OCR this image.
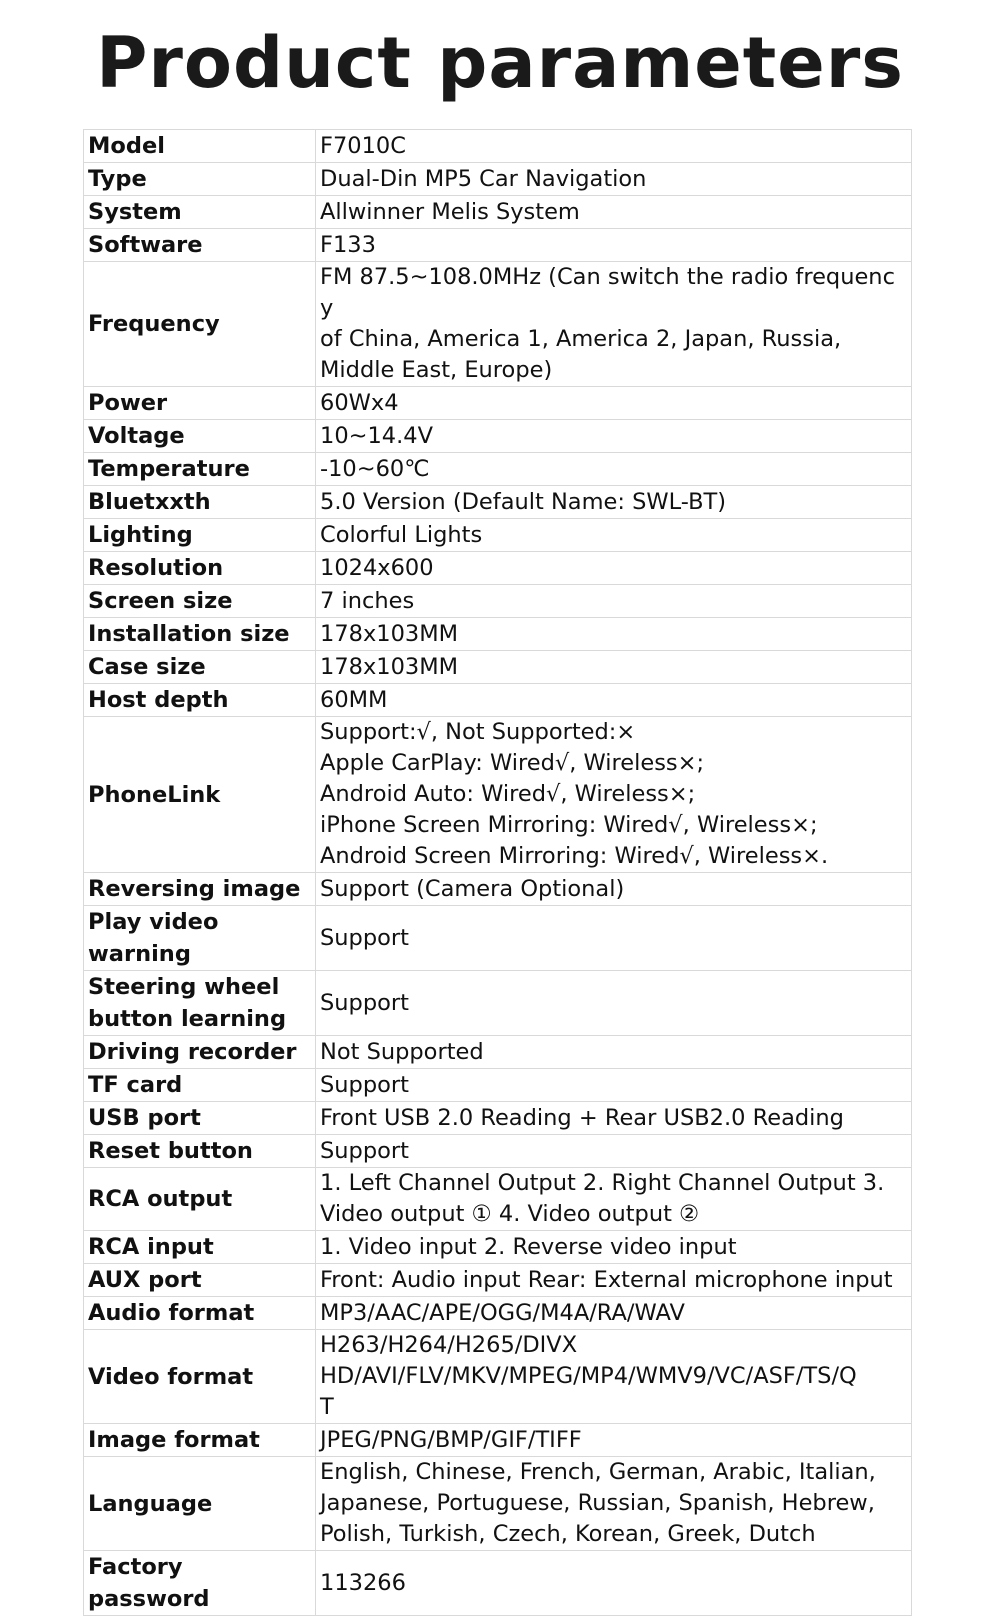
Product parameters
Model	F7010C

Type	Dual-Din MP5 Car Navigation

System	Allwinner Melis System

Software	F133

Frequency	FM 87.5~108.0MHz (Can switch the radio frequency
of China, America 1, America 2, Japan, Russia,
Middle East, Europe)

Power	60Wx4

Voltage	10~14.4V

Temperature	-10~60℃

Bluetxxth	5.0 Version (Default Name: SWL-BT)

Lighting	Colorful Lights

Resolution	1024x600

Screen size	7 inches

Installation size	178x103MM

Case size	178x103MM

Host depth	60MM

PhoneLink	Support:√, Not Supported:×
Apple CarPlay: Wired√, Wireless×;
Android Auto: Wired√, Wireless×;
iPhone Screen Mirroring: Wired√, Wireless×;
Android Screen Mirroring: Wired√, Wireless×.

Reversing image	Support (Camera Optional)

Play video warning	Support

Steering wheel
button learning	Support

Driving recorder	Not Supported

TF card	Support

USB port	Front USB 2.0 Reading + Rear USB2.0 Reading

Reset button	Support

RCA output	1. Left Channel Output 2. Right Channel Output 3.
Video output ① 4. Video output ②

RCA input	1. Video input 2. Reverse video input

AUX port	Front: Audio input Rear: External microphone input

Audio format	MP3/AAC/APE/OGG/M4A/RA/WAV

Video format	H263/H264/H265/DIVX
HD/AVI/FLV/MKV/MPEG/MP4/WMV9/VC/ASF/TS/Q
T

Image format	JPEG/PNG/BMP/GIF/TIFF

Language	English, Chinese, French, German, Arabic, Italian,
Japanese, Portuguese, Russian, Spanish, Hebrew,
Polish, Turkish, Czech, Korean, Greek, Dutch

Factory password	113266
